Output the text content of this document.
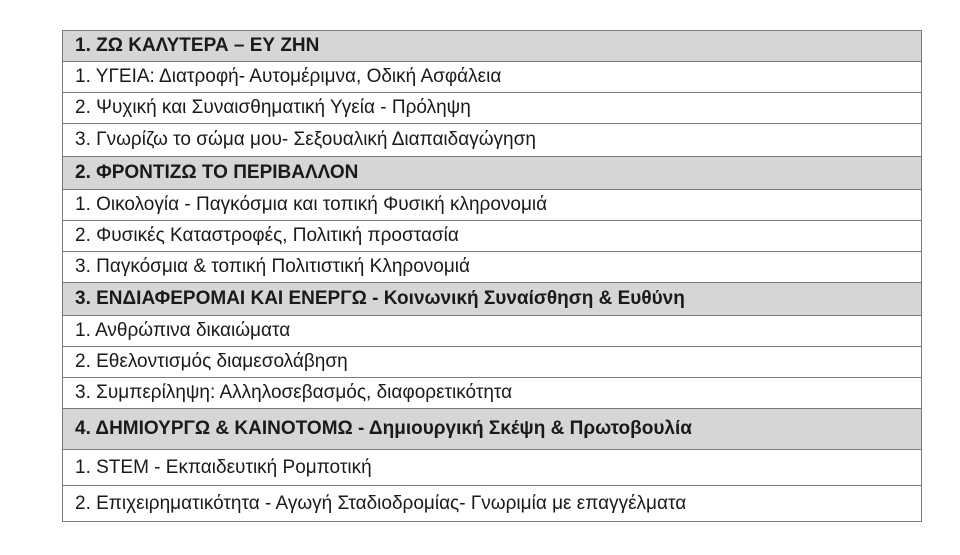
1. ΖΩ ΚΑΛΥΤΕΡΑ – ΕΥ ΖΗΝ
1. ΥΓΕΙΑ: Διατροφή- Αυτομέριμνα, Οδική Ασφάλεια
2. Ψυχική και Συναισθηματική Υγεία - Πρόληψη
3. Γνωρίζω το σώμα μου- Σεξουαλική Διαπαιδαγώγηση
2. ΦΡΟΝΤΙΖΩ ΤΟ ΠΕΡΙΒΑΛΛΟΝ
1. Οικολογία - Παγκόσμια και τοπική Φυσική κληρονομιά
2. Φυσικές Καταστροφές, Πολιτική προστασία
3. Παγκόσμια & τοπική Πολιτιστική Κληρονομιά
3. ΕΝΔΙΑΦΕΡΟΜΑΙ ΚΑΙ ΕΝΕΡΓΩ - Κοινωνική Συναίσθηση & Ευθύνη
1. Ανθρώπινα δικαιώματα
2. Εθελοντισμός διαμεσολάβηση
3. Συμπερίληψη: Αλληλοσεβασμός, διαφορετικότητα
4. ΔΗΜΙΟΥΡΓΩ & ΚΑΙΝΟΤΟΜΩ - Δημιουργική Σκέψη & Πρωτοβουλία
1. STEM - Εκπαιδευτική Ρομποτική
2. Επιχειρηματικότητα - Αγωγή Σταδιοδρομίας- Γνωριμία με επαγγέλματα
